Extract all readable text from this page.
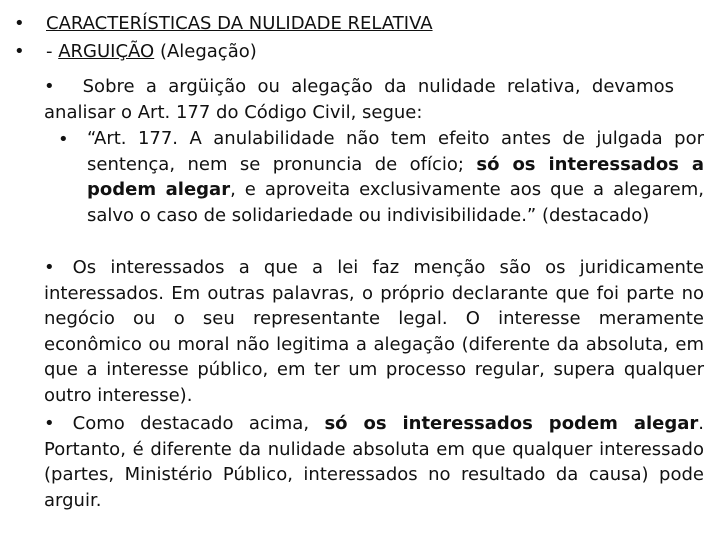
• CARACTERÍSTICAS DA NULIDADE RELATIVA
• - ARGUIÇÃO (Alegação)

• Sobre a argüição ou alegação da nulidade relativa, devamos analisar o Art. 177 do Código Civil, segue:

• “Art. 177. A anulabilidade não tem efeito antes de julgada por sentença, nem se pronuncia de ofício; só os interessados a podem alegar, e aproveita exclusivamente aos que a alegarem, salvo o caso de solidariedade ou indivisibilidade.” (destacado)

• Os interessados a que a lei faz menção são os juridicamente interessados. Em outras palavras, o próprio declarante que foi parte no negócio ou o seu representante legal. O interesse meramente econômico ou moral não legitima a alegação (diferente da absoluta, em que a interesse público, em ter um processo regular, supera qualquer outro interesse).

• Como destacado acima, só os interessados podem alegar. Portanto, é diferente da nulidade absoluta em que qualquer interessado (partes, Ministério Público, interessados no resultado da causa) pode arguir.
